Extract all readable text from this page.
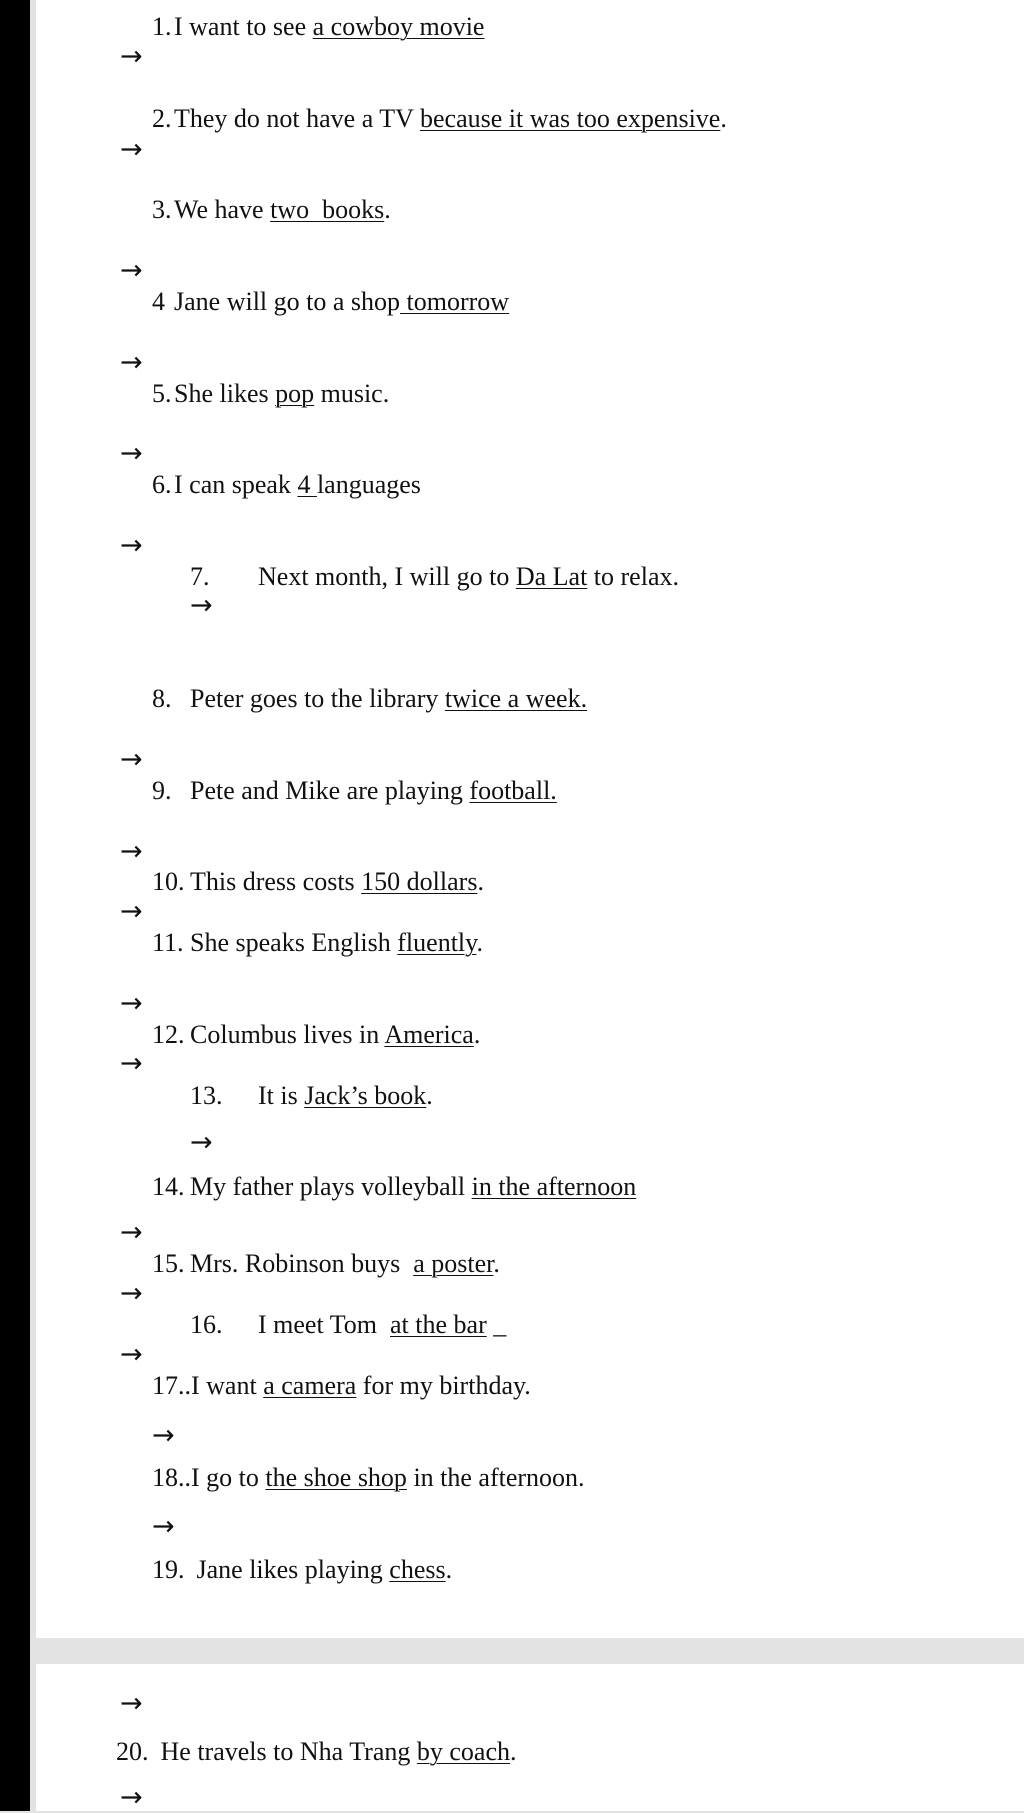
1.I want to see a cowboy movie
→
2.They do not have a TV because it was too expensive.
→
3.We have two  books.
→
4 Jane will go to a shop tomorrow
→
5.She likes pop music.
→
6.I can speak 4 languages
→
7. Next month, I will go to Da Lat to relax.
→
8. Peter goes to the library twice a week.
→
9. Pete and Mike are playing football.
→
10. This dress costs 150 dollars.
→
11. She speaks English fluently.
→
12. Columbus lives in America.
→
13. It is Jack’s book.
→
14. My father plays volleyball in the afternoon
→
15. Mrs. Robinson buys  a poster.
→
16. I meet Tom  at the bar _
→
17..I want a camera for my birthday.
→
18..I go to the shoe shop in the afternoon.
→
19. Jane likes playing chess.
→
20. He travels to Nha Trang by coach.
→
